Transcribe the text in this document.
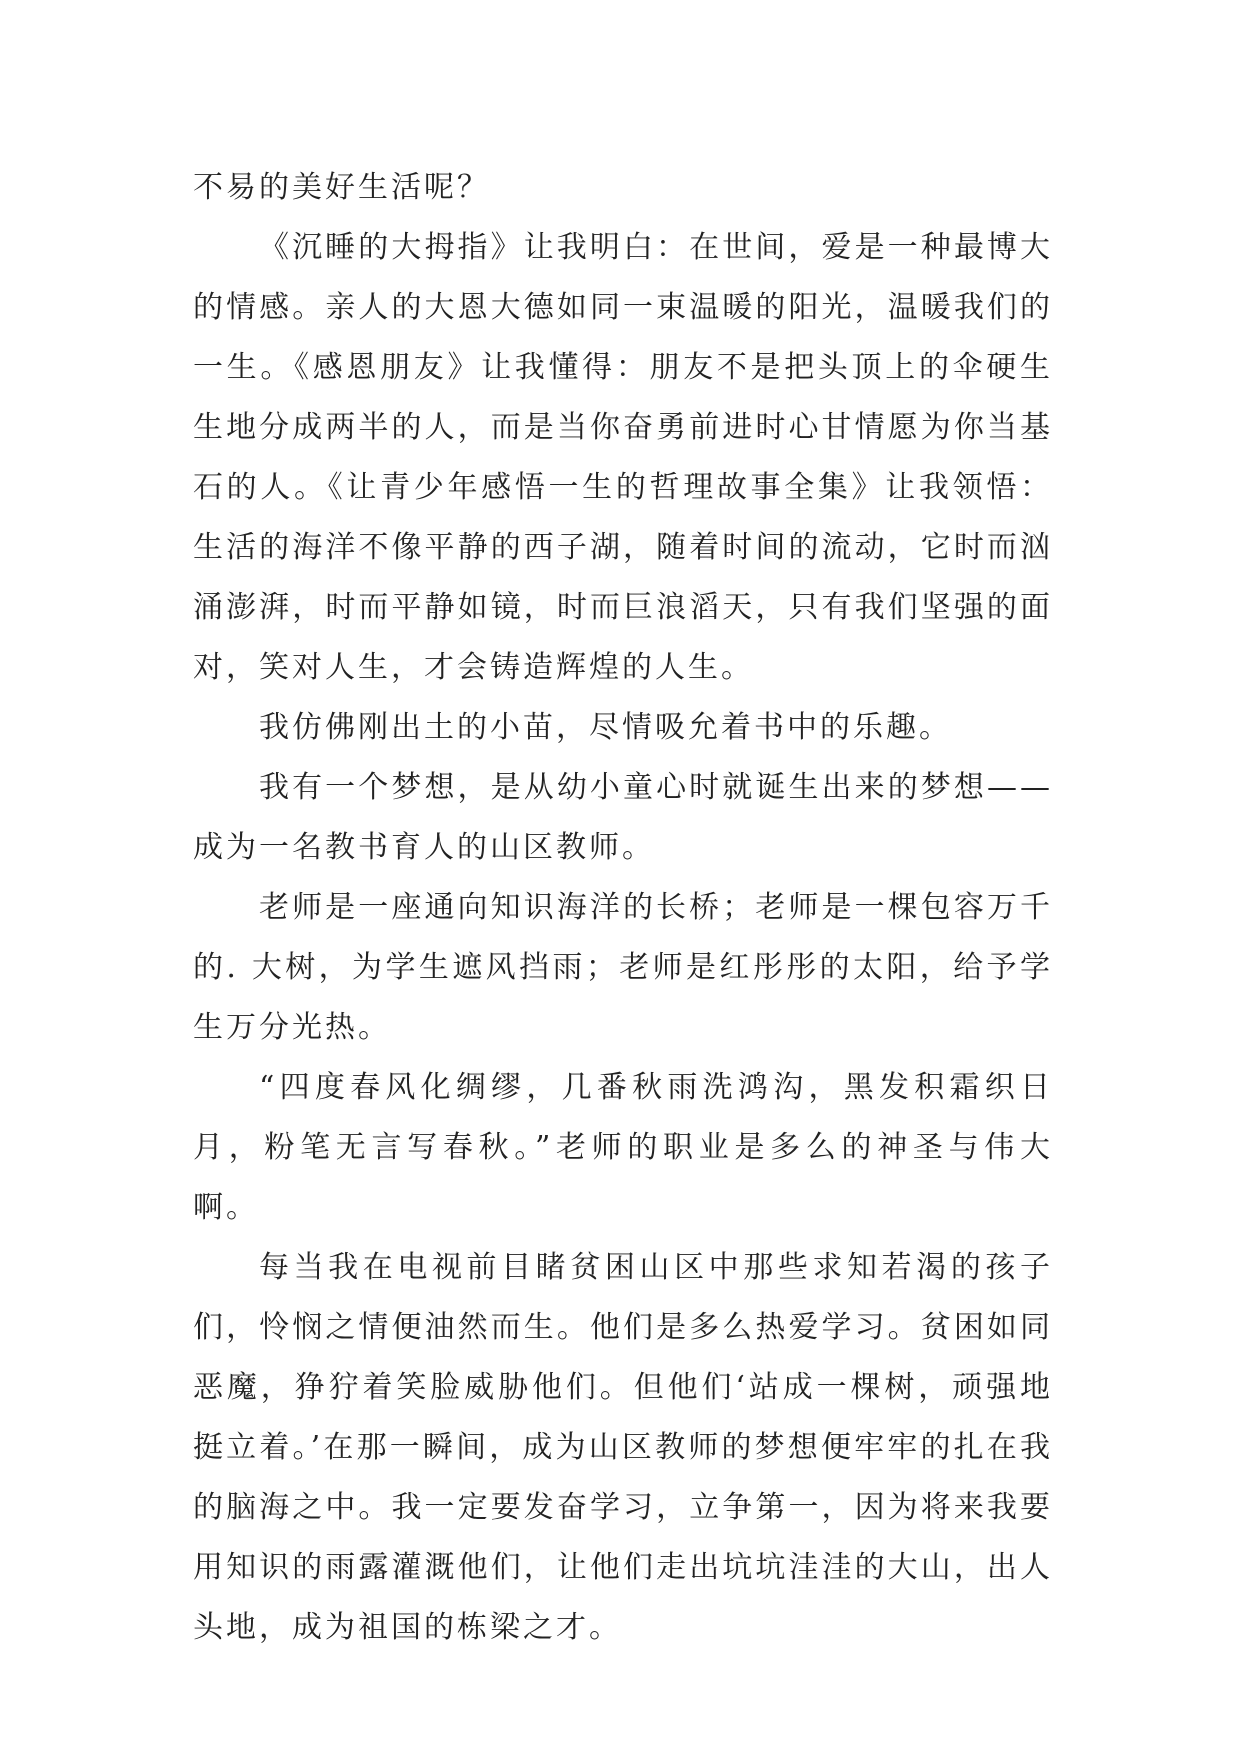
不易的美好生活呢？

《沉睡的大拇指》让我明白：在世间，爱是一种最博大的情感。亲人的大恩大德如同一束温暖的阳光，温暖我们的一生。《感恩朋友》让我懂得：朋友不是把头顶上的伞硬生生地分成两半的人，而是当你奋勇前进时心甘情愿为你当基石的人。《让青少年感悟一生的哲理故事全集》让我领悟：生活的海洋不像平静的西子湖，随着时间的流动，它时而汹涌澎湃，时而平静如镜，时而巨浪滔天，只有我们坚强的面对，笑对人生，才会铸造辉煌的人生。

我仿佛刚出土的小苗，尽情吸允着书中的乐趣。

我有一个梦想，是从幼小童心时就诞生出来的梦想——成为一名教书育人的山区教师。

老师是一座通向知识海洋的长桥；老师是一棵包容万千的. 大树，为学生遮风挡雨；老师是红彤彤的太阳，给予学生万分光热。

“四度春风化绸缪，几番秋雨洗鸿沟，黑发积霜织日月，粉笔无言写春秋。”老师的职业是多么的神圣与伟大啊。

每当我在电视前目睹贫困山区中那些求知若渴的孩子们，怜悯之情便油然而生。他们是多么热爱学习。贫困如同恶魔，狰狞着笑脸威胁他们。但他们‘站成一棵树，顽强地挺立着。’在那一瞬间，成为山区教师的梦想便牢牢的扎在我的脑海之中。我一定要发奋学习，立争第一，因为将来我要用知识的雨露灌溉他们，让他们走出坑坑洼洼的大山，出人头地，成为祖国的栋梁之才。
